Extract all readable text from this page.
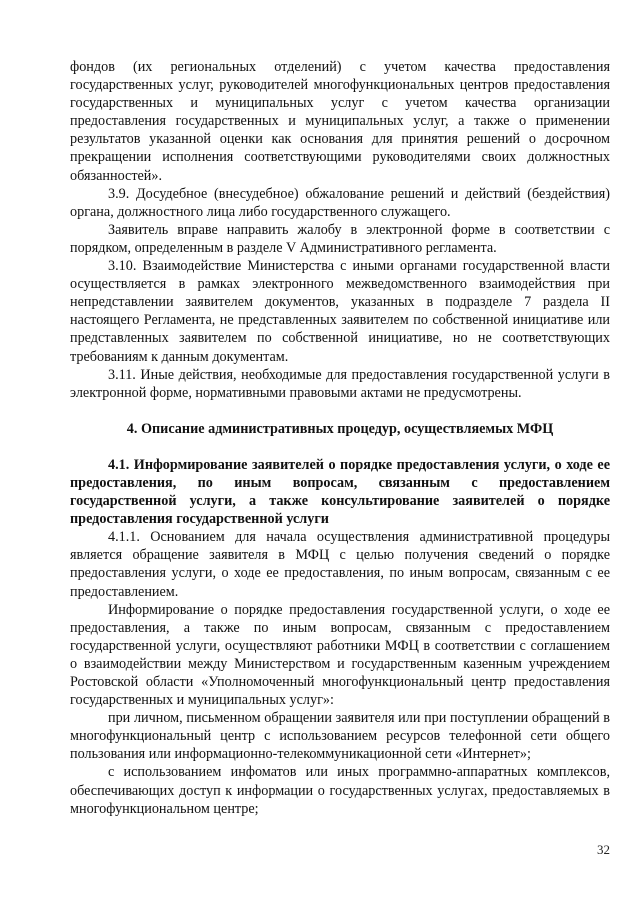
фондов (их региональных отделений) с учетом качества предоставления государственных услуг, руководителей многофункциональных центров предоставления государственных и муниципальных услуг с учетом качества организации предоставления государственных и муниципальных услуг, а также о применении результатов указанной оценки как основания для принятия решений о досрочном прекращении исполнения соответствующими руководителями своих должностных обязанностей».

3.9. Досудебное (внесудебное) обжалование решений и действий (бездействия) органа, должностного лица либо государственного служащего.

Заявитель вправе направить жалобу в электронной форме в соответствии с порядком, определенным в разделе V Административного регламента.

3.10. Взаимодействие Министерства с иными органами государственной власти осуществляется в рамках электронного межведомственного взаимодействия при непредставлении заявителем документов, указанных в подразделе 7 раздела II настоящего Регламента, не представленных заявителем по собственной инициативе или представленных заявителем по собственной инициативе, но не соответствующих требованиям к данным документам.

3.11. Иные действия, необходимые для предоставления государственной услуги в электронной форме, нормативными правовыми актами не предусмотрены.

4. Описание административных процедур, осуществляемых МФЦ

4.1. Информирование заявителей о порядке предоставления услуги, о ходе ее предоставления, по иным вопросам, связанным с предоставлением государственной услуги, а также консультирование заявителей о порядке предоставления государственной услуги

4.1.1. Основанием для начала осуществления административной процедуры является обращение заявителя в МФЦ с целью получения сведений о порядке предоставления услуги, о ходе ее предоставления, по иным вопросам, связанным с ее предоставлением.

Информирование о порядке предоставления государственной услуги, о ходе ее предоставления, а также по иным вопросам, связанным с предоставлением государственной услуги, осуществляют работники МФЦ в соответствии с соглашением о взаимодействии между Министерством и государственным казенным учреждением Ростовской области «Уполномоченный многофункциональный центр предоставления государственных и муниципальных услуг»:

при личном, письменном обращении заявителя или при поступлении обращений в многофункциональный центр с использованием ресурсов телефонной сети общего пользования или информационно-телекоммуникационной сети «Интернет»;

с использованием инфоматов или иных программно-аппаратных комплексов, обеспечивающих доступ к информации о государственных услугах, предоставляемых в многофункциональном центре;

32
